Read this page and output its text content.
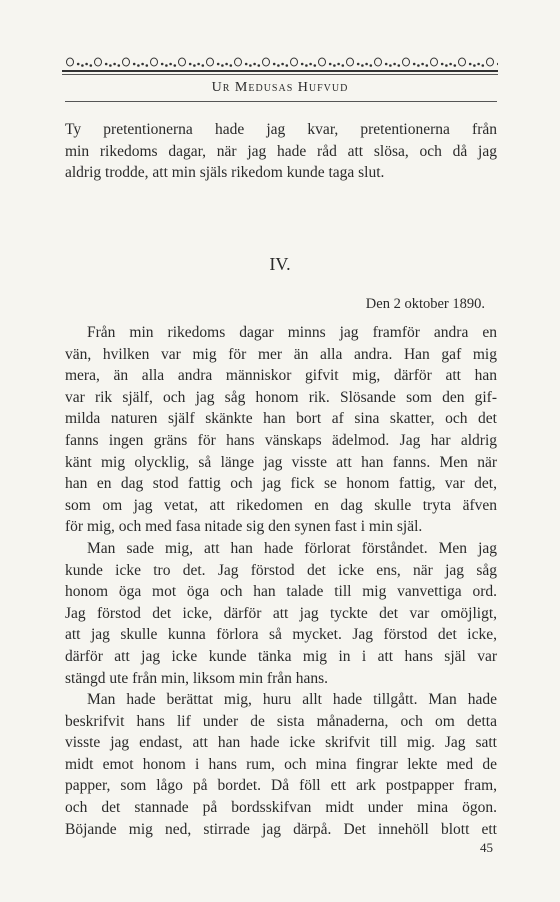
Ur Medusas Hufvud
Ty pretentionerna hade jag kvar, pretentionerna från
min rikedoms dagar, när jag hade råd att slösa, och då jag
aldrig trodde, att min själs rikedom kunde taga slut.
IV.
Den 2 oktober 1890.
Från min rikedoms dagar minns jag framför andra en
vän, hvilken var mig för mer än alla andra. Han gaf mig
mera, än alla andra människor gifvit mig, därför att han
var rik själf, och jag såg honom rik. Slösande som den gif-
milda naturen själf skänkte han bort af sina skatter, och det
fanns ingen gräns för hans vänskaps ädelmod. Jag har aldrig
känt mig olycklig, så länge jag visste att han fanns. Men när
han en dag stod fattig och jag fick se honom fattig, var det,
som om jag vetat, att rikedomen en dag skulle tryta äfven
för mig, och med fasa nitade sig den synen fast i min själ.
Man sade mig, att han hade förlorat förståndet. Men jag
kunde icke tro det. Jag förstod det icke ens, när jag såg
honom öga mot öga och han talade till mig vanvettiga ord.
Jag förstod det icke, därför att jag tyckte det var omöjligt,
att jag skulle kunna förlora så mycket. Jag förstod det icke,
därför att jag icke kunde tänka mig in i att hans själ var
stängd ute från min, liksom min från hans.
Man hade berättat mig, huru allt hade tillgått. Man hade
beskrifvit hans lif under de sista månaderna, och om detta
visste jag endast, att han hade icke skrifvit till mig. Jag satt
midt emot honom i hans rum, och mina fingrar lekte med de
papper, som lågo på bordet. Då föll ett ark postpapper fram,
och det stannade på bordsskifvan midt under mina ögon.
Böjande mig ned, stirrade jag därpå. Det innehöll blott ett
45
